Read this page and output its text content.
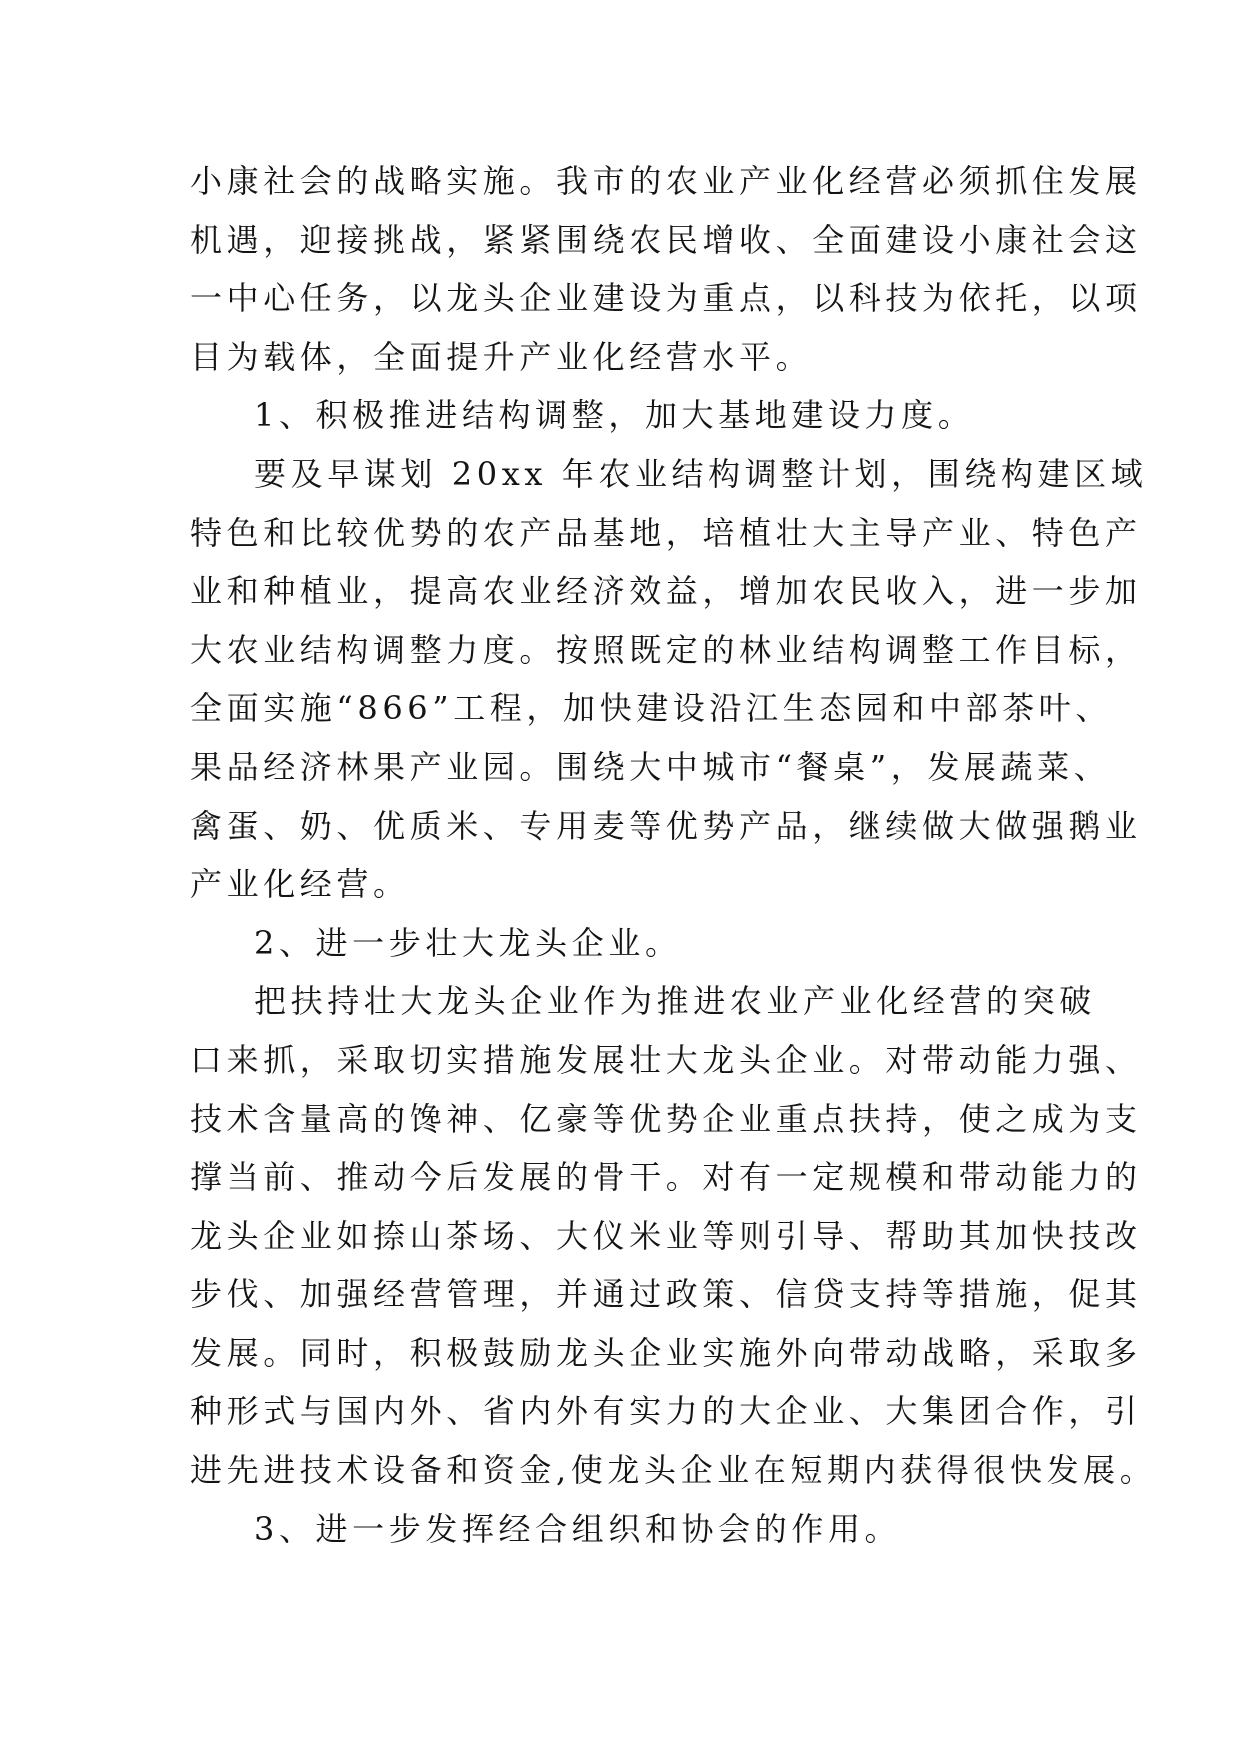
小康社会的战略实施。我市的农业产业化经营必须抓住发展
机遇，迎接挑战，紧紧围绕农民增收、全面建设小康社会这
一中心任务，以龙头企业建设为重点，以科技为依托，以项
目为载体，全面提升产业化经营水平。
1、积极推进结构调整，加大基地建设力度。
要及早谋划 20xx 年农业结构调整计划，围绕构建区域
特色和比较优势的农产品基地，培植壮大主导产业、特色产
业和种植业，提高农业经济效益，增加农民收入，进一步加
大农业结构调整力度。按照既定的林业结构调整工作目标，
全面实施“866”工程，加快建设沿江生态园和中部茶叶、
果品经济林果产业园。围绕大中城市“餐桌”，发展蔬菜、
禽蛋、奶、优质米、专用麦等优势产品，继续做大做强鹅业
产业化经营。
2、进一步壮大龙头企业。
把扶持壮大龙头企业作为推进农业产业化经营的突破
口来抓，采取切实措施发展壮大龙头企业。对带动能力强、
技术含量高的馋神、亿豪等优势企业重点扶持，使之成为支
撑当前、推动今后发展的骨干。对有一定规模和带动能力的
龙头企业如捺山茶场、大仪米业等则引导、帮助其加快技改
步伐、加强经营管理，并通过政策、信贷支持等措施，促其
发展。同时，积极鼓励龙头企业实施外向带动战略，采取多
种形式与国内外、省内外有实力的大企业、大集团合作，引
进先进技术设备和资金,使龙头企业在短期内获得很快发展。
3、进一步发挥经合组织和协会的作用。
